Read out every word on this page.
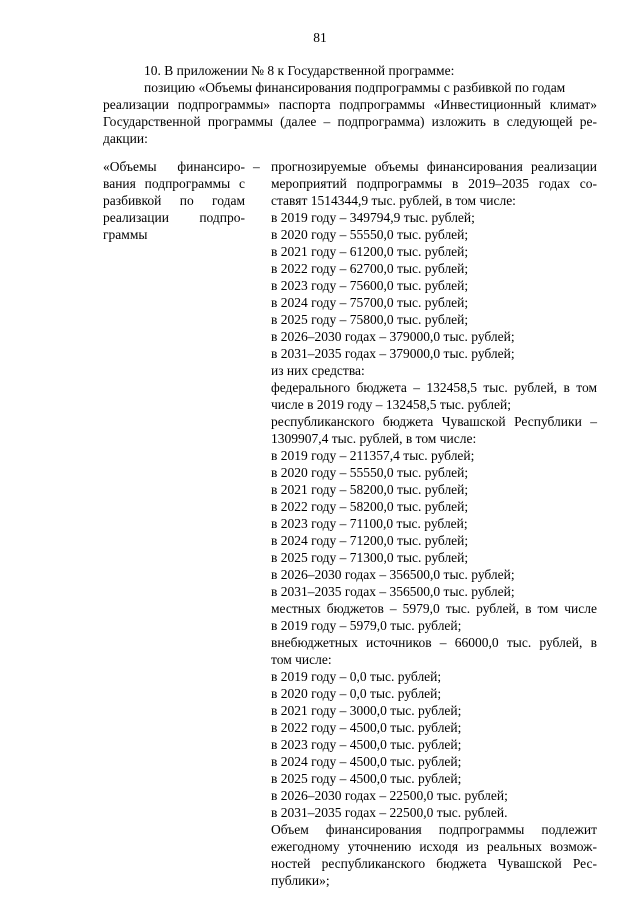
81

10. В приложении № 8 к Государственной программе:

позицию «Объемы финансирования подпрограммы с разбивкой по годам

реализации подпрограммы» паспорта подпрограммы «Инвестиционный климат»

Государственной программы (далее – подпрограмма) изложить в следующей ре-

дакции:

«Объемы финансиро-
вания подпрограммы с
разбивкой по годам
реализации подпро-
граммы
– прогнозируемые объемы финансирования реализации
мероприятий подпрограммы в 2019–2035 годах со-
ставят 1514344,9 тыс. рублей, в том числе:
в 2019 году – 349794,9 тыс. рублей;
в 2020 году – 55550,0 тыс. рублей;
в 2021 году – 61200,0 тыс. рублей;
в 2022 году – 62700,0 тыс. рублей;
в 2023 году – 75600,0 тыс. рублей;
в 2024 году – 75700,0 тыс. рублей;
в 2025 году – 75800,0 тыс. рублей;
в 2026–2030 годах – 379000,0 тыс. рублей;
в 2031–2035 годах – 379000,0 тыс. рублей;
из них средства:
федерального бюджета – 132458,5 тыс. рублей, в том
числе в 2019 году – 132458,5 тыс. рублей;
республиканского бюджета Чувашской Республики –
1309907,4 тыс. рублей, в том числе:
в 2019 году – 211357,4 тыс. рублей;
в 2020 году – 55550,0 тыс. рублей;
в 2021 году – 58200,0 тыс. рублей;
в 2022 году – 58200,0 тыс. рублей;
в 2023 году – 71100,0 тыс. рублей;
в 2024 году – 71200,0 тыс. рублей;
в 2025 году – 71300,0 тыс. рублей;
в 2026–2030 годах – 356500,0 тыс. рублей;
в 2031–2035 годах – 356500,0 тыс. рублей;
местных бюджетов – 5979,0 тыс. рублей, в том числе
в 2019 году – 5979,0 тыс. рублей;
внебюджетных источников – 66000,0 тыс. рублей, в
том числе:
в 2019 году – 0,0 тыс. рублей;
в 2020 году – 0,0 тыс. рублей;
в 2021 году – 3000,0 тыс. рублей;
в 2022 году – 4500,0 тыс. рублей;
в 2023 году – 4500,0 тыс. рублей;
в 2024 году – 4500,0 тыс. рублей;
в 2025 году – 4500,0 тыс. рублей;
в 2026–2030 годах – 22500,0 тыс. рублей;
в 2031–2035 годах – 22500,0 тыс. рублей.
Объем финансирования подпрограммы подлежит
ежегодному уточнению исходя из реальных возмож-
ностей республиканского бюджета Чувашской Рес-
публики»;
